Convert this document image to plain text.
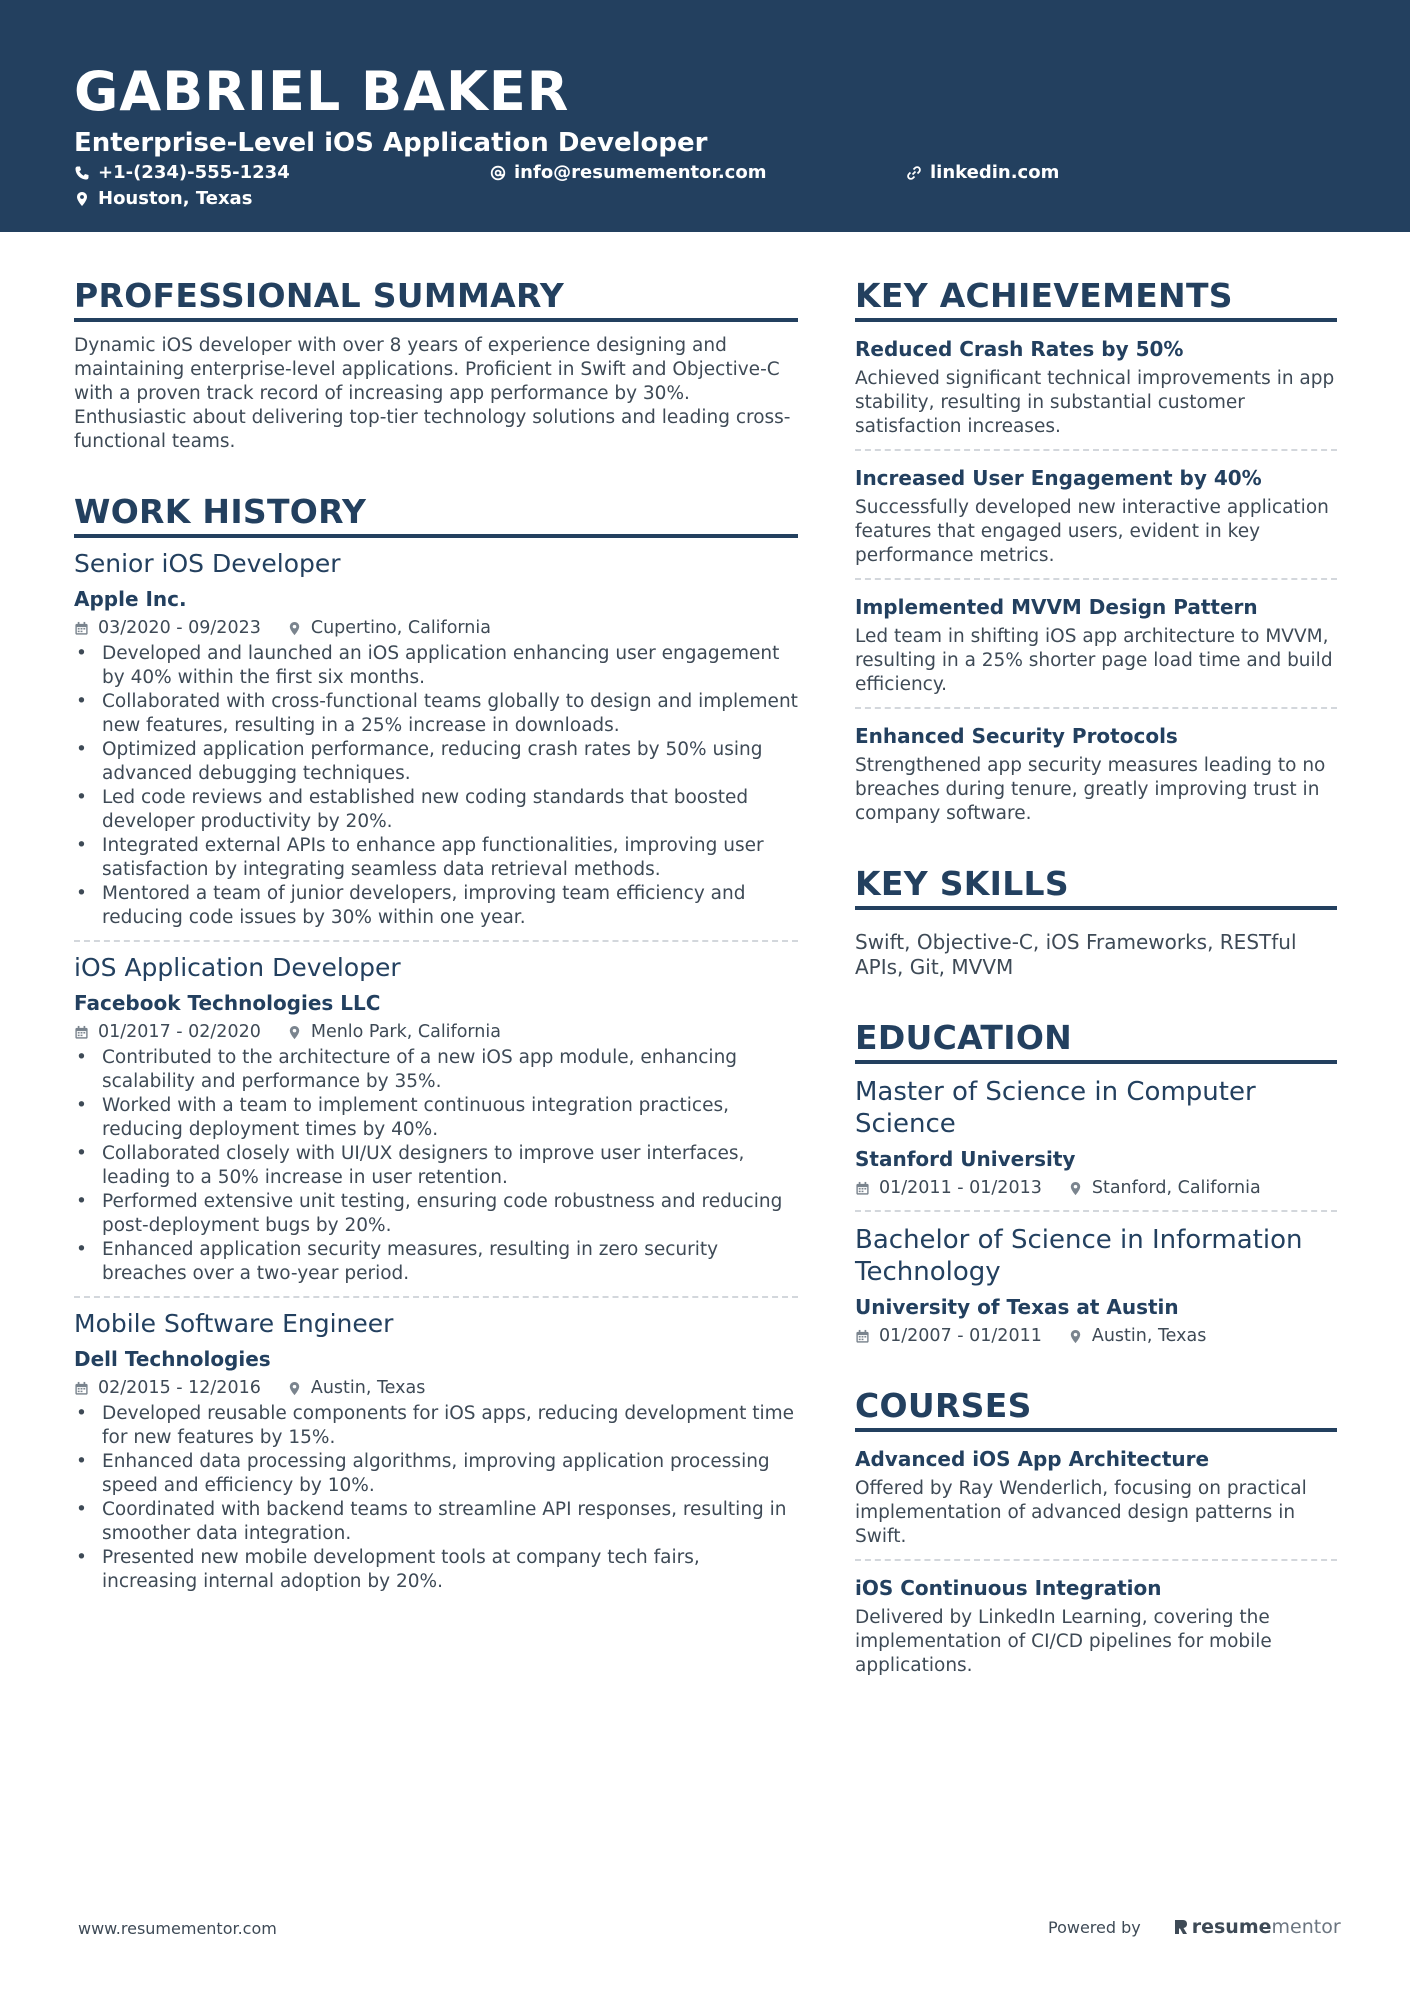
GABRIEL BAKER
Enterprise-Level iOS Application Developer
+1-(234)-555-1234	info@resumementor.com	linkedin.com
Houston, Texas
PROFESSIONAL SUMMARY
Dynamic iOS developer with over 8 years of experience designing and maintaining enterprise-level applications. Proficient in Swift and Objective-C with a proven track record of increasing app performance by 30%. Enthusiastic about delivering top-tier technology solutions and leading cross-functional teams.
WORK HISTORY
Senior iOS Developer
Apple Inc.
03/2020 - 09/2023	Cupertino, California
• Developed and launched an iOS application enhancing user engagement by 40% within the first six months.
• Collaborated with cross-functional teams globally to design and implement new features, resulting in a 25% increase in downloads.
• Optimized application performance, reducing crash rates by 50% using advanced debugging techniques.
• Led code reviews and established new coding standards that boosted developer productivity by 20%.
• Integrated external APIs to enhance app functionalities, improving user satisfaction by integrating seamless data retrieval methods.
• Mentored a team of junior developers, improving team efficiency and reducing code issues by 30% within one year.
iOS Application Developer
Facebook Technologies LLC
01/2017 - 02/2020	Menlo Park, California
• Contributed to the architecture of a new iOS app module, enhancing scalability and performance by 35%.
• Worked with a team to implement continuous integration practices, reducing deployment times by 40%.
• Collaborated closely with UI/UX designers to improve user interfaces, leading to a 50% increase in user retention.
• Performed extensive unit testing, ensuring code robustness and reducing post-deployment bugs by 20%.
• Enhanced application security measures, resulting in zero security breaches over a two-year period.
Mobile Software Engineer
Dell Technologies
02/2015 - 12/2016	Austin, Texas
• Developed reusable components for iOS apps, reducing development time for new features by 15%.
• Enhanced data processing algorithms, improving application processing speed and efficiency by 10%.
• Coordinated with backend teams to streamline API responses, resulting in smoother data integration.
• Presented new mobile development tools at company tech fairs, increasing internal adoption by 20%.
KEY ACHIEVEMENTS
Reduced Crash Rates by 50%
Achieved significant technical improvements in app stability, resulting in substantial customer satisfaction increases.
Increased User Engagement by 40%
Successfully developed new interactive application features that engaged users, evident in key performance metrics.
Implemented MVVM Design Pattern
Led team in shifting iOS app architecture to MVVM, resulting in a 25% shorter page load time and build efficiency.
Enhanced Security Protocols
Strengthened app security measures leading to no breaches during tenure, greatly improving trust in company software.
KEY SKILLS
Swift, Objective-C, iOS Frameworks, RESTful APIs, Git, MVVM
EDUCATION
Master of Science in Computer Science
Stanford University
01/2011 - 01/2013	Stanford, California
Bachelor of Science in Information Technology
University of Texas at Austin
01/2007 - 01/2011	Austin, Texas
COURSES
Advanced iOS App Architecture
Offered by Ray Wenderlich, focusing on practical implementation of advanced design patterns in Swift.
iOS Continuous Integration
Delivered by LinkedIn Learning, covering the implementation of CI/CD pipelines for mobile applications.
www.resumementor.com	Powered by	resume mentor
